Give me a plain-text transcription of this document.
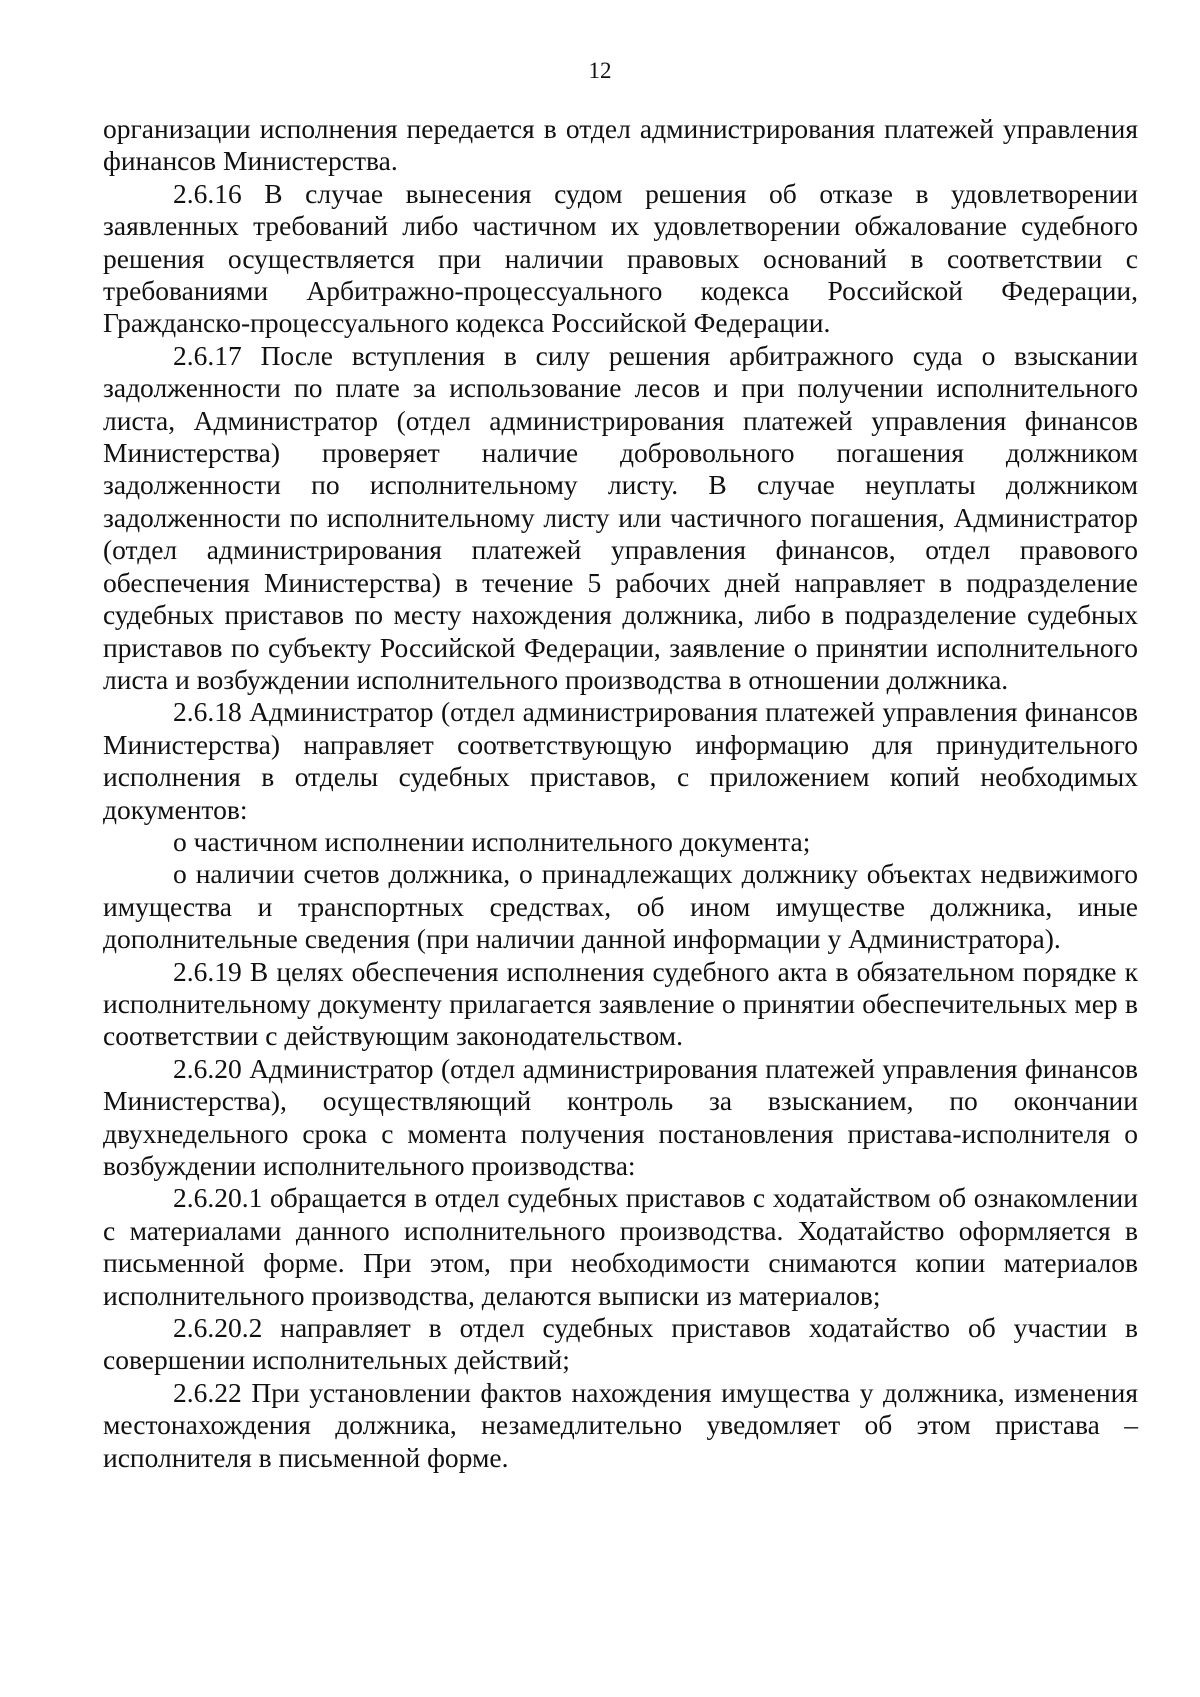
12

организации исполнения передается в отдел администрирования платежей управления финансов Министерства.

2.6.16 В случае вынесения судом решения об отказе в удовлетворении заявленных требований либо частичном их удовлетворении обжалование судебного решения осуществляется при наличии правовых оснований в соответствии с требованиями Арбитражно-процессуального кодекса Российской Федерации, Гражданско-процессуального кодекса Российской Федерации.

2.6.17 После вступления в силу решения арбитражного суда о взыскании задолженности по плате за использование лесов и при получении исполнительного листа, Администратор (отдел администрирования платежей управления финансов Министерства) проверяет наличие добровольного погашения должником задолженности по исполнительному листу. В случае неуплаты должником задолженности по исполнительному листу или частичного погашения, Администратор (отдел администрирования платежей управления финансов, отдел правового обеспечения Министерства) в течение 5 рабочих дней направляет в подразделение судебных приставов по месту нахождения должника, либо в подразделение судебных приставов по субъекту Российской Федерации, заявление о принятии исполнительного листа и возбуждении исполнительного производства в отношении должника.

2.6.18 Администратор (отдел администрирования платежей управления финансов Министерства) направляет соответствующую информацию для принудительного исполнения в отделы судебных приставов, с приложением копий необходимых документов:

о частичном исполнении исполнительного документа;

о наличии счетов должника, о принадлежащих должнику объектах недвижимого имущества и транспортных средствах, об ином имуществе должника, иные дополнительные сведения (при наличии данной информации у Администратора).

2.6.19 В целях обеспечения исполнения судебного акта в обязательном порядке к исполнительному документу прилагается заявление о принятии обеспечительных мер в соответствии с действующим законодательством.

2.6.20 Администратор (отдел администрирования платежей управления финансов Министерства), осуществляющий контроль за взысканием, по окончании двухнедельного срока с момента получения постановления пристава-исполнителя о возбуждении исполнительного производства:

2.6.20.1 обращается в отдел судебных приставов с ходатайством об ознакомлении с материалами данного исполнительного производства. Ходатайство оформляется в письменной форме. При этом, при необходимости снимаются копии материалов исполнительного производства, делаются выписки из материалов;

2.6.20.2 направляет в отдел судебных приставов ходатайство об участии в совершении исполнительных действий;

2.6.22 При установлении фактов нахождения имущества у должника, изменения местонахождения должника, незамедлительно уведомляет об этом пристава – исполнителя в письменной форме.
